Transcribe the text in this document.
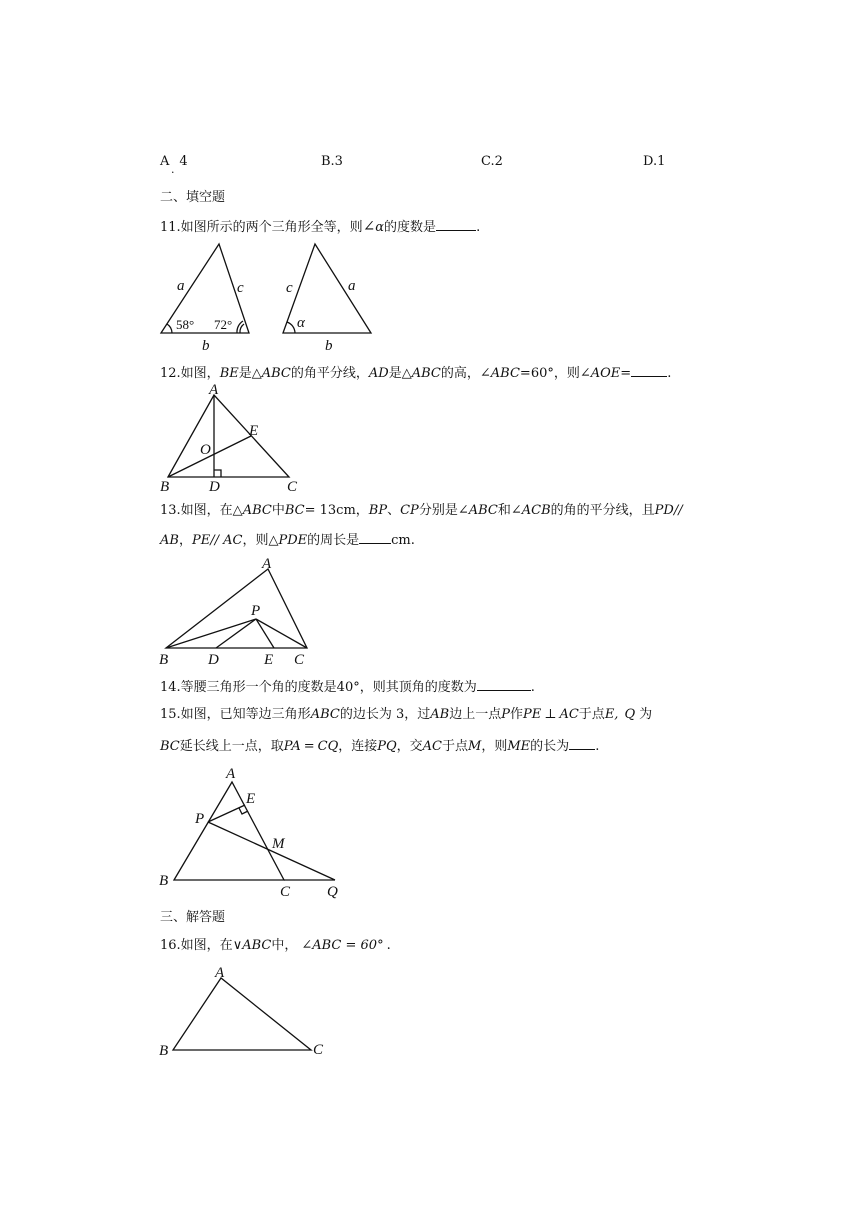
A 4
.
B.3	C.2	D.1
二、填空题
11.如图所示的两个三角形全等，则∠α的度数是	.
a	c
b
58° 72°
c	a
b
α
12.如图，BE是△ABC的角平分线，AD是△ABC的高，∠ABC=60°，则∠AOE=	.
A
E
O
B	D	C
13.如图，在△ABC中BC= 13cm，BP、CP分别是∠ABC和∠ACB的角的平分线，且PD//
AB，PE// AC，则△PDE的周长是 cm.
A
P
B	D	E C
14.等腰三角形一个角的度数是40°，则其顶角的度数为	.
15.如图，已知等边三角形ABC的边长为 3，过AB边上一点P作PE ⊥ AC于点E, Q 为
BC延长线上一点，取PA = CQ，连接PQ，交AC于点M，则ME的长为 .
A
E
P
M
B
C Q
三、解答题
16.如图，在∨ABC中， ∠ABC = 60° .
A
B	C
